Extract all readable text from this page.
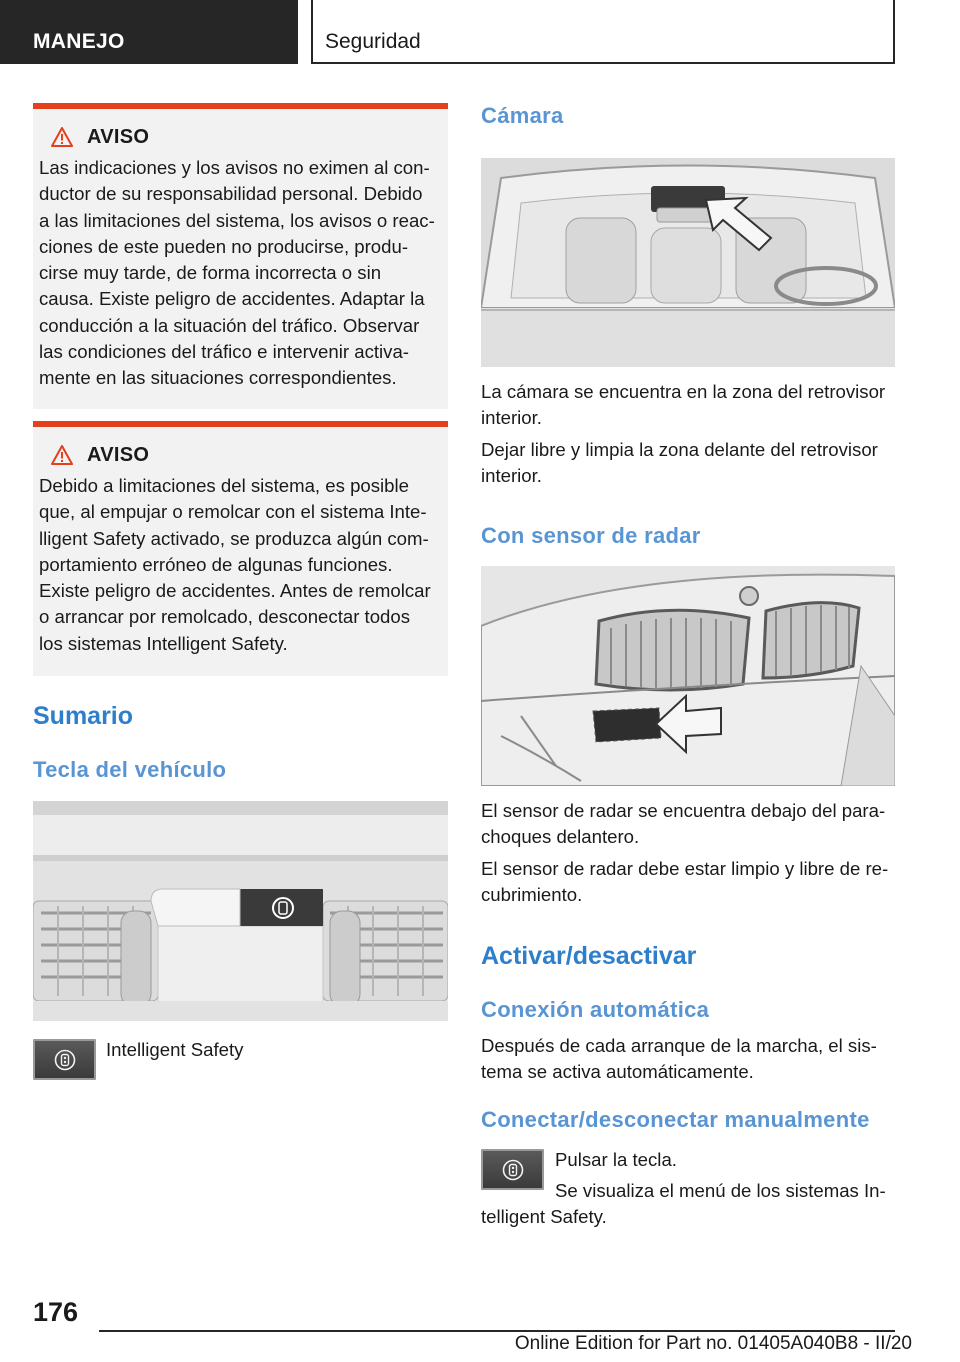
MANEJO	Seguridad
AVISO
Las indicaciones y los avisos no eximen al con‐
ductor de su responsabilidad personal. Debido
a las limitaciones del sistema, los avisos o reac‐
ciones de este pueden no producirse, produ‐
cirse muy tarde, de forma incorrecta o sin
causa. Existe peligro de accidentes. Adaptar la
conducción a la situación del tráfico. Observar
las condiciones del tráfico e intervenir activa‐
mente en las situaciones correspondientes.
AVISO
Debido a limitaciones del sistema, es posible
que, al empujar o remolcar con el sistema Inte‐
lligent Safety activado, se produzca algún com‐
portamiento erróneo de algunas funciones.
Existe peligro de accidentes. Antes de remolcar
o arrancar por remolcado, desconectar todos
los sistemas Intelligent Safety.
Sumario
Tecla del vehículo
Intelligent Safety
Cámara
La cámara se encuentra en la zona del retrovisor
interior.
Dejar libre y limpia la zona delante del retrovisor
interior.
Con sensor de radar
El sensor de radar se encuentra debajo del para‐
choques delantero.
El sensor de radar debe estar limpio y libre de re‐
cubrimiento.
Activar/desactivar
Conexión automática
Después de cada arranque de la marcha, el sis‐
tema se activa automáticamente.
Conectar/desconectar manualmente
Pulsar la tecla.
Se visualiza el menú de los sistemas In‐
telligent Safety.
176
Online Edition for Part no. 01405A040B8 - II/20
